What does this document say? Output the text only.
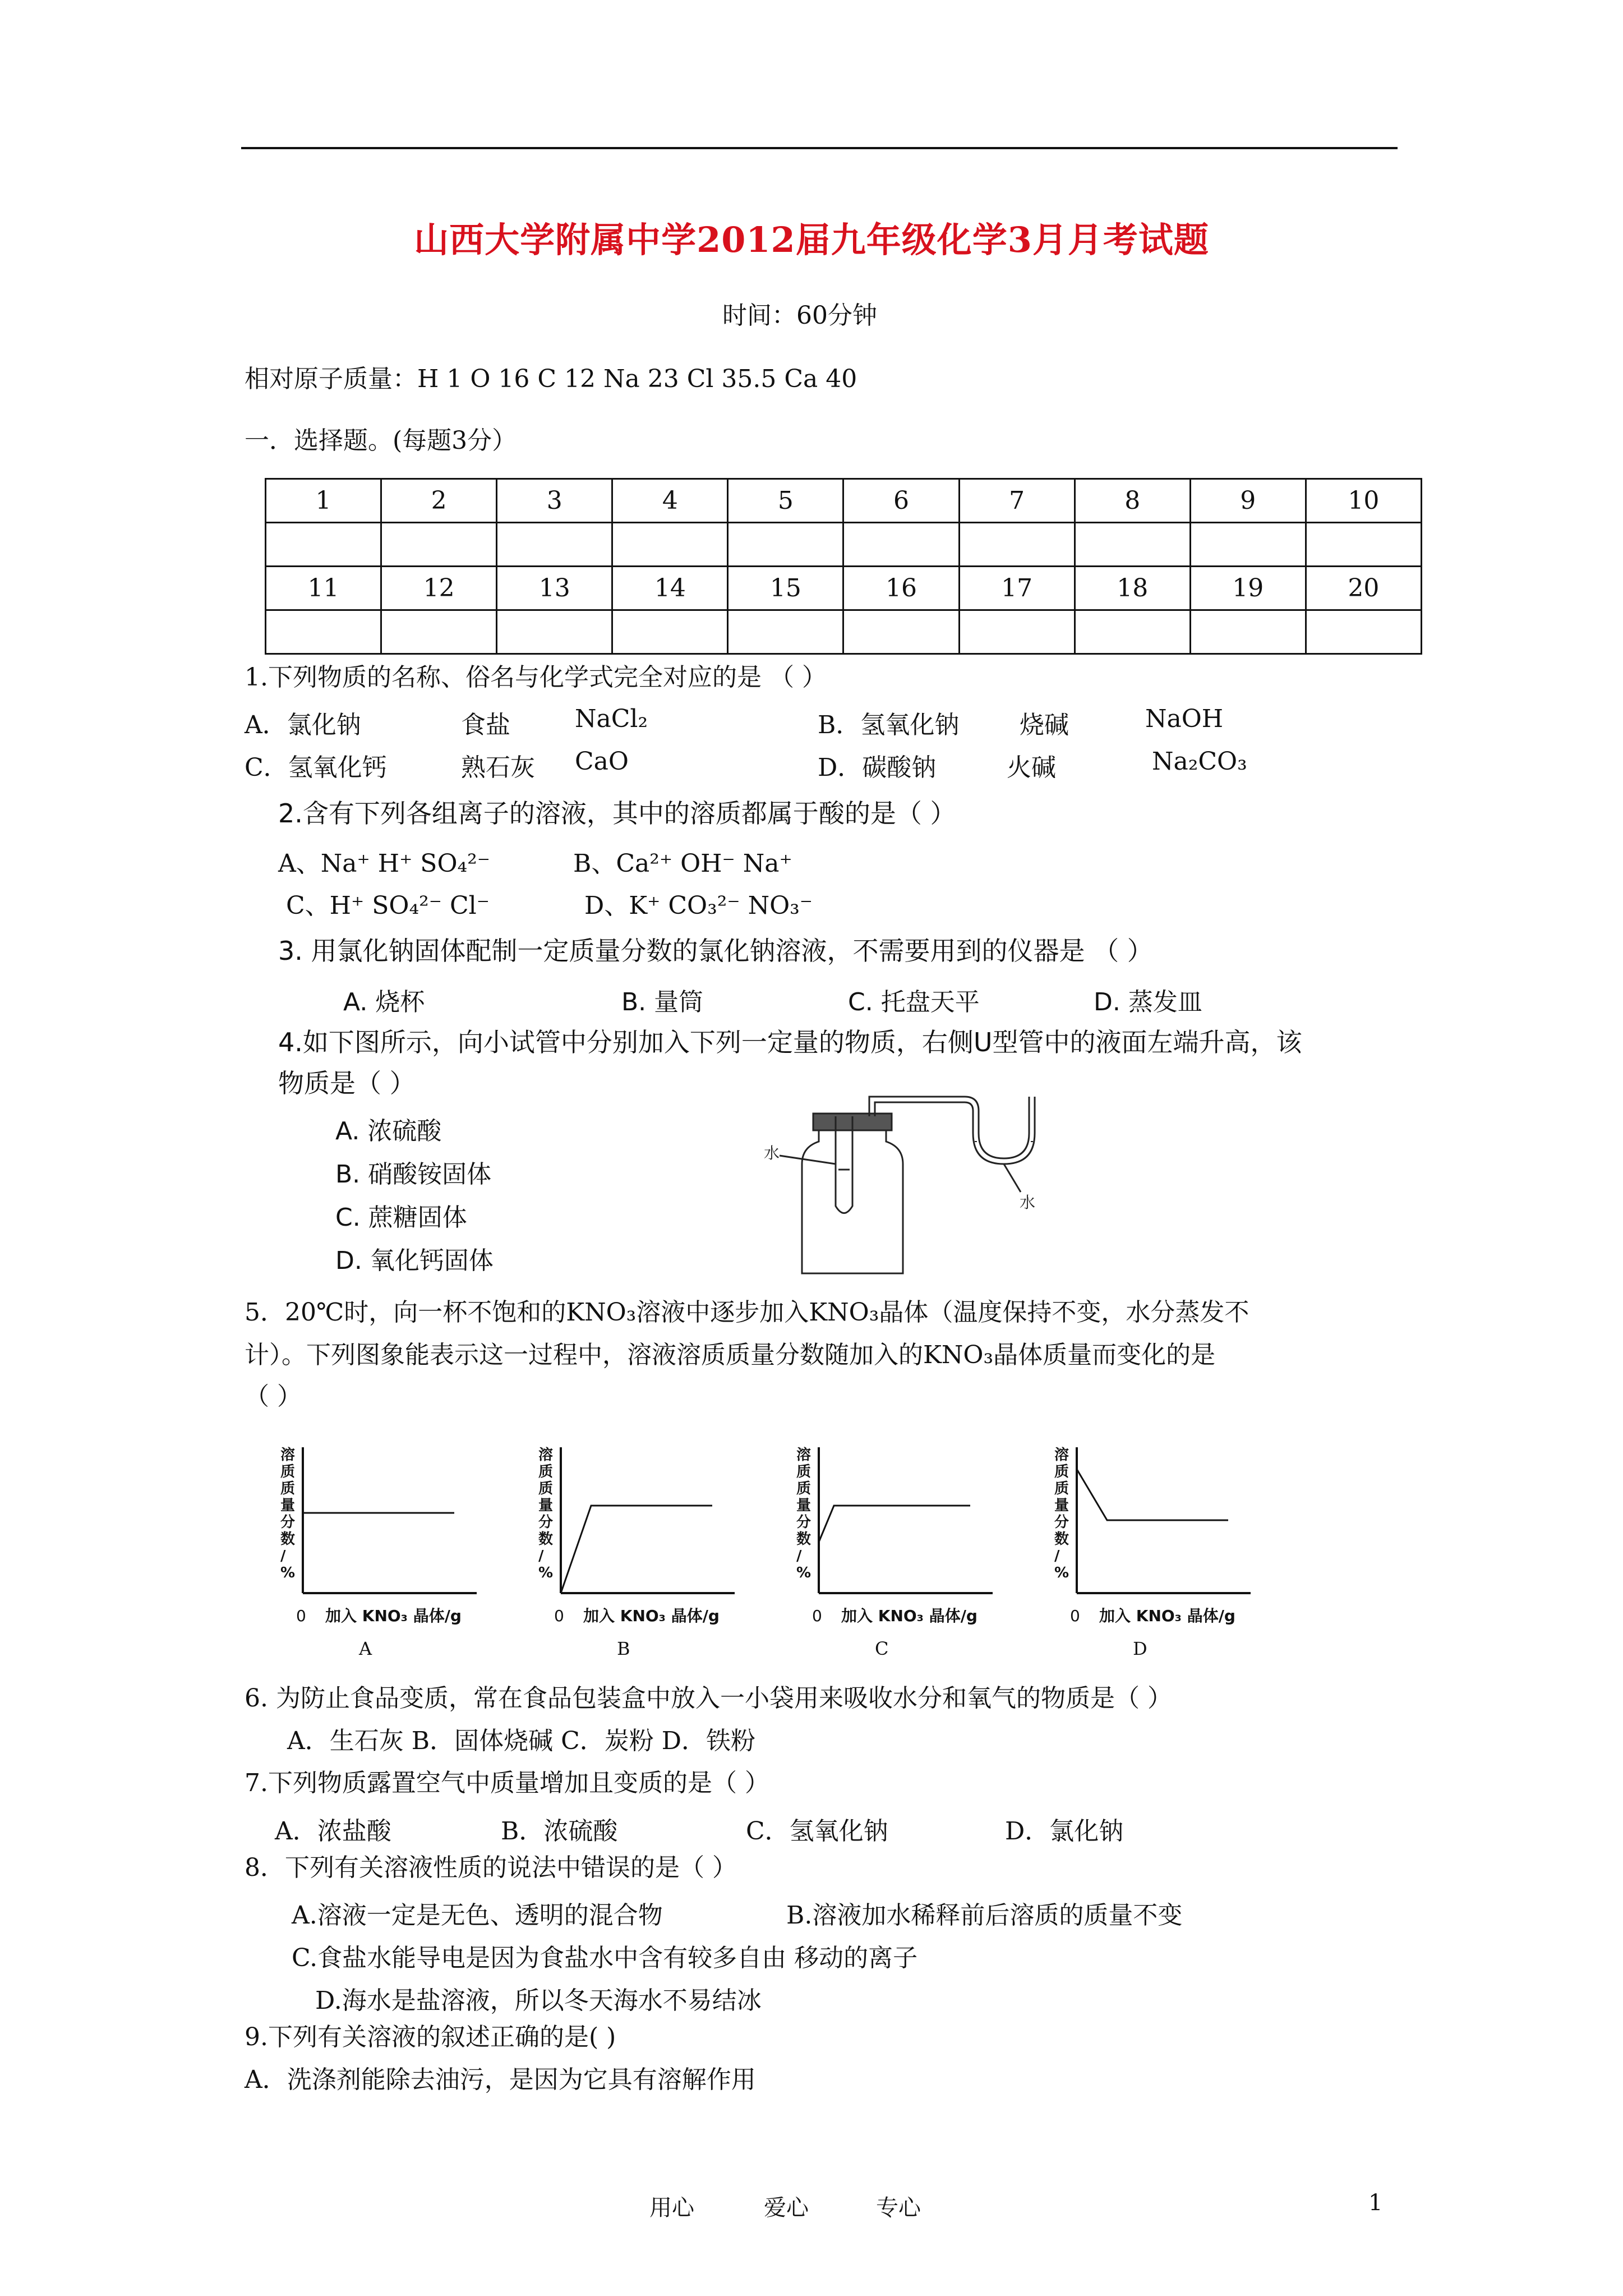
山西大学附属中学2012届九年级化学3月月考试题
时间：60分钟
相对原子质量：H 1 O 16 C 12 Na 23 Cl 35.5 Ca 40
一．选择题。(每题3分）
1	2	3	4	5	6	7	8	9	10

11	12	13	14	15	16	17	18	19	20

1.下列物质的名称、俗名与化学式完全对应的是 （ ）
A．氯化钠	食盐	NaCl₂	B．氢氧化钠 烧碱	NaOH
C．氢氧化钙	熟石灰 CaO	D．碳酸钠	火碱	Na₂CO₃
2.含有下列各组离子的溶液，其中的溶质都属于酸的是（ ）
A、Na⁺ H⁺ SO₄²⁻	B、Ca²⁺ OH⁻ Na⁺
C、H⁺ SO₄²⁻ Cl⁻	D、K⁺ CO₃²⁻ NO₃⁻
3. 用氯化钠固体配制一定质量分数的氯化钠溶液，不需要用到的仪器是 （ ）
A. 烧杯	B. 量筒	C. 托盘天平	D. 蒸发皿
4.如下图所示，向小试管中分别加入下列一定量的物质，右侧U型管中的液面左端升高，该
物质是（ ）
A. 浓硫酸
B. 硝酸铵固体
C. 蔗糖固体
D. 氧化钙固体
水
水
5．20℃时，向一杯不饱和的KNO₃溶液中逐步加入KNO₃晶体（温度保持不变，水分蒸发不
计）。下列图象能表示这一过程中，溶液溶质质量分数随加入的KNO₃晶体质量而变化的是
（ ）
溶
质
质
量
分
数
/
%
0 加入 KNO₃ 晶体/g
A
溶
质
质
量
分
数
/
%
0 加入 KNO₃ 晶体/g
B
溶
质
质
量
分
数
/
%
0 加入 KNO₃ 晶体/g
C
溶
质
质
量
分
数
/
%
0 加入 KNO₃ 晶体/g
D
6. 为防止食品变质，常在食品包装盒中放入一小袋用来吸收水分和氧气的物质是（ ）
A．生石灰 B．固体烧碱 C．炭粉 D．铁粉
7.下列物质露置空气中质量增加且变质的是（ ）
A．浓盐酸	B．浓硫酸	C．氢氧化钠	D．氯化钠
8．下列有关溶液性质的说法中错误的是（ ）
A.溶液一定是无色、透明的混合物	B.溶液加水稀释前后溶质的质量不变
C.食盐水能导电是因为食盐水中含有较多自由 移动的离子
D.海水是盐溶液，所以冬天海水不易结冰
9.下列有关溶液的叙述正确的是( )
A．洗涤剂能除去油污，是因为它具有溶解作用
用心	爱心	专心	1
